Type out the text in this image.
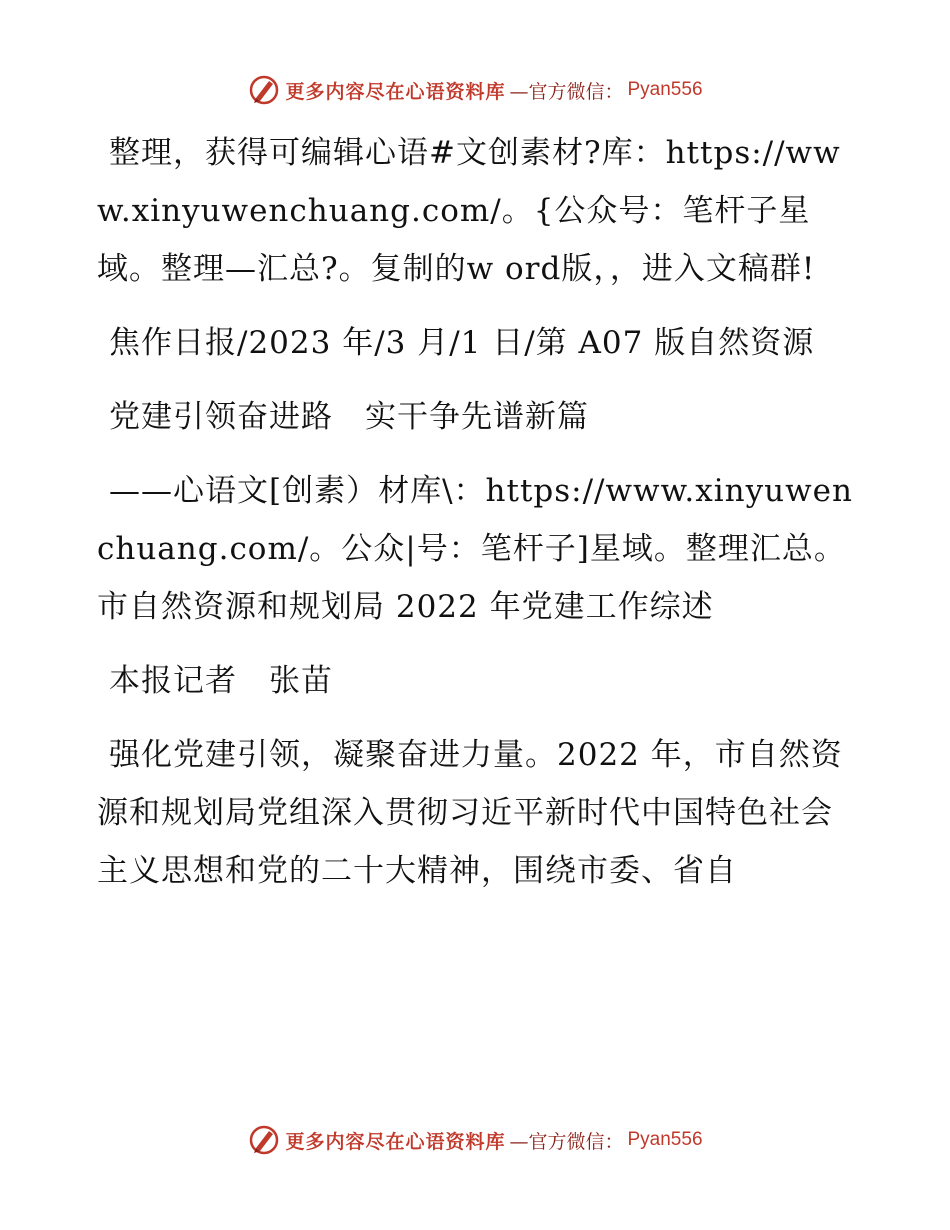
更多内容尽在心语资料库 —官方微信： Pyan556

整理，获得可编辑心语#文创素材?库：https://www.xinyuwenchuang.com/。{公众号：笔杆子星域。整理—汇总?。复制的w ord版，，进入文稿群!

焦作日报/2023 年/3 月/1 日/第 A07 版自然资源

党建引领奋进路　实干争先谱新篇

——心语文[创素）材库\：https://www.xinyuwenchuang.com/。公众|号：笔杆子]星域。整理汇总。市自然资源和规划局 2022 年党建工作综述

本报记者　张苗

强化党建引领，凝聚奋进力量。2022 年，市自然资源和规划局党组深入贯彻习近平新时代中国特色社会主义思想和党的二十大精神，围绕市委、省自

更多内容尽在心语资料库 —官方微信： Pyan556
